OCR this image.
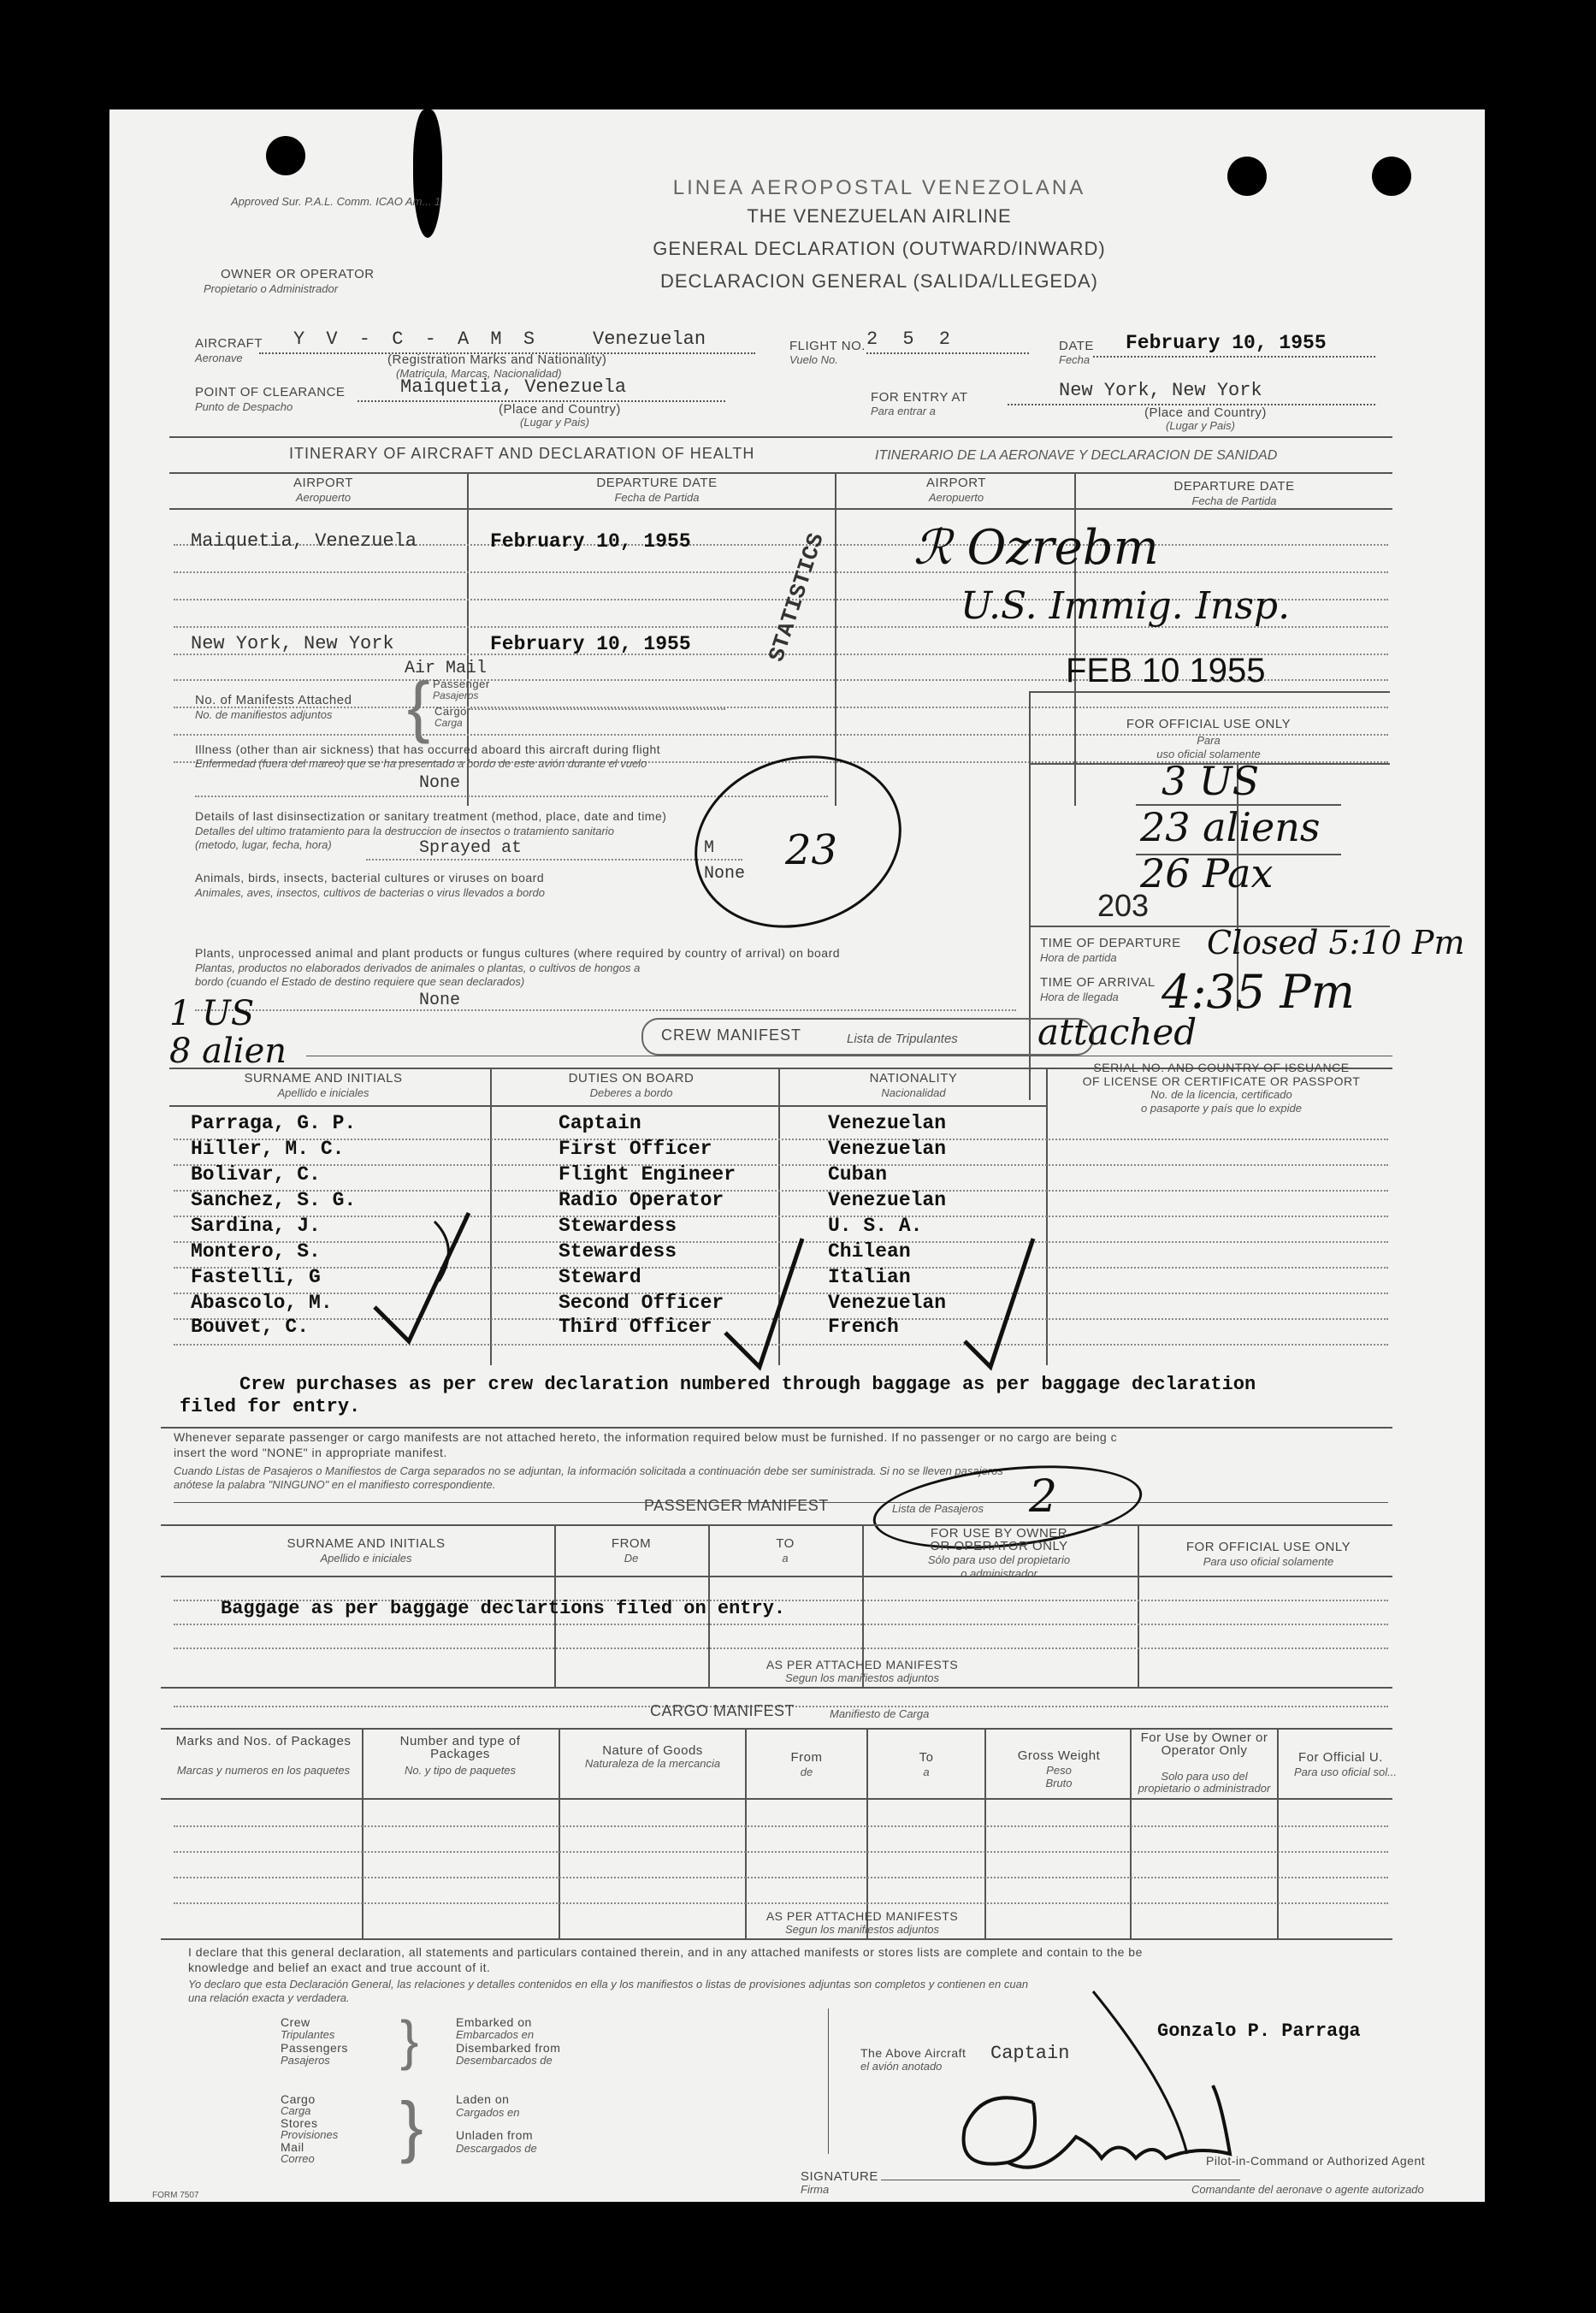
Approved Sur. P.A.L. Comm. ICAO Am... 1
LINEA AEROPOSTAL VENEZOLANA
THE VENEZUELAN AIRLINE
GENERAL DECLARATION (OUTWARD/INWARD)
DECLARACION GENERAL (SALIDA/LLEGEDA)
OWNER OR OPERATOR
Propietario o Administrador
AIRCRAFT
Aeronave
Y V - C - A M S	Venezuelan
(Registration Marks and Nationality)
(Matricula, Marcas, Nacionalidad)
FLIGHT NO.
Vuelo No.
2 5 2	DATE
Fecha
February 10, 1955
POINT OF CLEARANCE
Punto de Despacho
Maiquetia, Venezuela
(Place and Country)
(Lugar y Pais)
FOR ENTRY AT
Para entrar a
New York, New York
(Place and Country)
(Lugar y Pais)
ITINERARY OF AIRCRAFT AND DECLARATION OF HEALTH	ITINERARIO DE LA AERONAVE Y DECLARACION DE SANIDAD
AIRPORT
Aeropuerto
DEPARTURE DATE
Fecha de Partida
AIRPORT
Aeropuerto
DEPARTURE DATE
Fecha de Partida
Maiquetia, Venezuela	February 10, 1955
New York, New York	February 10, 1955
ℛ Ozrebm
U.S. Immig. Insp.
STATISTICS
FEB 10 1955
FOR OFFICIAL USE ONLY
Para
uso oficial solamente
3 US
23 aliens
26 Pax
203
TIME OF DEPARTURE
Hora de partida	Closed 5:10 Pm
TIME OF ARRIVAL
Hora de llegada 4:35 Pm
No. of Manifests Attached
No. de manifiestos adjuntos {
Air Mail
Passenger
Pasajeros
Cargo
Carga
Illness (other than air sickness) that has occurred aboard this aircraft during flight
Enfermedad (fuera del mareo) que se ha presentado a bordo de este avión durante el vuelo
None
Details of last disinsectization or sanitary treatment (method, place, date and time)
Detalles del ultimo tratamiento para la destruccion de insectos o tratamiento sanitario
(metodo, lugar, fecha, hora)	Sprayed at	M
Animals, birds, insects, bacterial cultures or viruses on board	None
Animales, aves, insectos, cultivos de bacterias o virus llevados a bordo
23
Plants, unprocessed animal and plant products or fungus cultures (where required by country of arrival) on board
Plantas, productos no elaborados derivados de animales o plantas, o cultivos de hongos a
bordo (cuando el Estado de destino requiere que sean declarados)
None
1 US
8 alien	CREW MANIFEST	Lista de Tripulantes attached
SURNAME AND INITIALS
Apellido e iniciales
DUTIES ON BOARD
Deberes a bordo
NATIONALITY
Nacionalidad
SERIAL NO. AND COUNTRY OF ISSUANCE
OF LICENSE OR CERTIFICATE OR PASSPORT
No. de la licencia, certificado
o pasaporte y país que lo expide
Parraga, G. P.	Captain	Venezuelan
Hiller, M. C.	First Officer	Venezuelan
Bolivar, C.	Flight Engineer	Cuban
Sanchez, S. G.	Radio Operator	Venezuelan
Sardina, J.	Stewardess	U. S. A.
Montero, S.	Stewardess	Chilean
Fastelli, G	Steward	Italian
Abascolo, M.	Second Officer	Venezuelan
Bouvet, C.	Third Officer	French
Crew purchases as per crew declaration numbered through baggage as per baggage declaration
filed for entry.
Whenever separate passenger or cargo manifests are not attached hereto, the information required below must be furnished. If no passenger or no cargo are being c
insert the word "NONE" in appropriate manifest.
Cuando Listas de Pasajeros o Manifiestos de Carga separados no se adjuntan, la información solicitada a continuación debe ser suministrada. Si no se lleven pasajeros
anótese la palabra "NINGUNO" en el manifiesto correspondiente.
PASSENGER MANIFEST	Lista de Pasajeros 2
SURNAME AND INITIALS
Apellido e iniciales
FROM
De
TO
a
FOR USE BY OWNER
OR OPERATOR ONLY
Sólo para uso del propietario
o administrador
FOR OFFICIAL USE ONLY
Para uso oficial solamente
Baggage as per baggage declartions filed on entry.
AS PER ATTACHED MANIFESTS
Segun los manifiestos adjuntos
CARGO MANIFEST	Manifiesto de Carga
Marks and Nos. of Packages
Marcas y numeros en los paquetes
Number and type of Packages
No. y tipo de paquetes
Nature of Goods
Naturaleza de la mercancia	From
de
To
a
Gross Weight
Peso Bruto
For Use by Owner or Operator Only
Solo para uso del propietario o administrador
For Official U.
Para uso oficial sol...
AS PER ATTACHED MANIFESTS
Segun los manifiestos adjuntos
I declare that this general declaration, all statements and particulars contained therein, and in any attached manifests or stores lists are complete and contain to the be
knowledge and belief an exact and true account of it.
Yo declaro que esta Declaración General, las relaciones y detalles contenidos en ella y los manifiestos o listas de provisiones adjuntas son completos y contienen en cuan
una relación exacta y verdadera.
Crew
Tripulantes
Passengers
Pasajeros }	Embarked on
Embarcados en
Disembarked from
Desembarcados de
Cargo
Carga
Stores
Provisiones
Mail
Correo }	Laden on
Cargados en
Unladen from
Descargados de
The Above Aircraft
el avión anotado
Captain
Gonzalo P. Parraga
SIGNATURE
Firma
Pilot-in-Command or Authorized Agent
Comandante del aeronave o agente autorizado
FORM 7507
